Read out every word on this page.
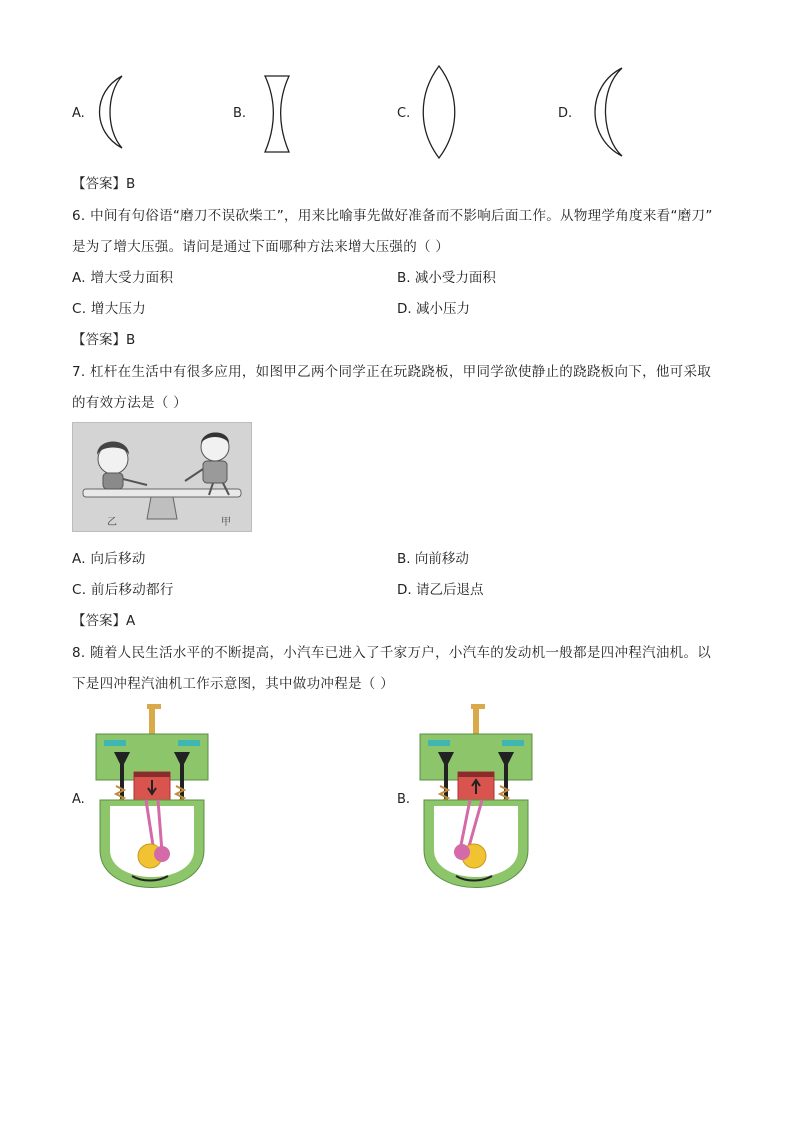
A.	B.	C.	D.
【答案】B
6. 中间有句俗语“磨刀不误砍柴工”，用来比喻事先做好准备而不影响后面工作。从物理学角度来看“磨刀”
是为了增大压强。请问是通过下面哪种方法来增大压强的（ ）
A. 增大受力面积	B. 减小受力面积
C. 增大压力	D. 减小压力
【答案】B
7. 杠杆在生活中有很多应用，如图甲乙两个同学正在玩跷跷板，甲同学欲使静止的跷跷板向下，他可采取
的有效方法是（ ）
乙	甲
A. 向后移动	B. 向前移动
C. 前后移动都行	D. 请乙后退点
【答案】A
8. 随着人民生活水平的不断提高，小汽车已进入了千家万户，小汽车的发动机一般都是四冲程汽油机。以
下是四冲程汽油机工作示意图，其中做功冲程是（ ）
A.	B.
